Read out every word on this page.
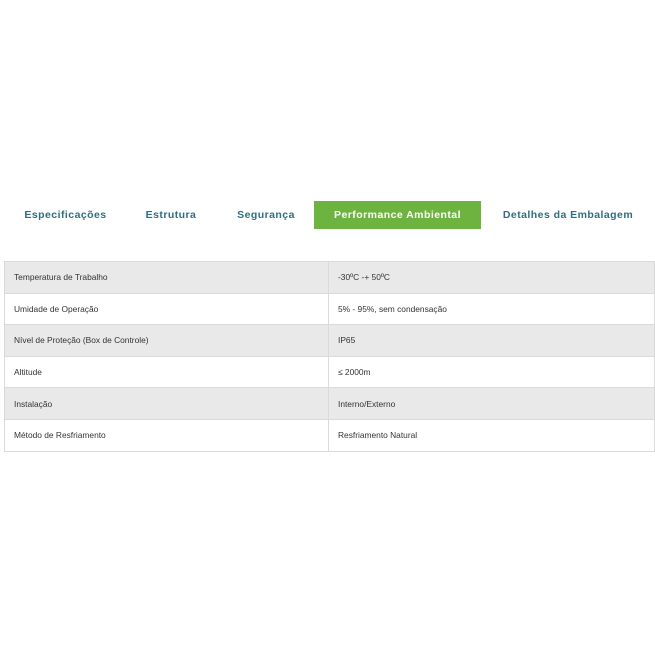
Especificações	Estrutura	Segurança	Performance Ambiental	Detalhes da Embalagem
Temperatura de Trabalho	-30ºC -+ 50ºC
Umidade de Operação	5% - 95%, sem condensação
Nível de Proteção (Box de Controle)	IP65
Altitude	≤ 2000m
Instalação	Interno/Externo
Método de Resfriamento	Resfriamento Natural
